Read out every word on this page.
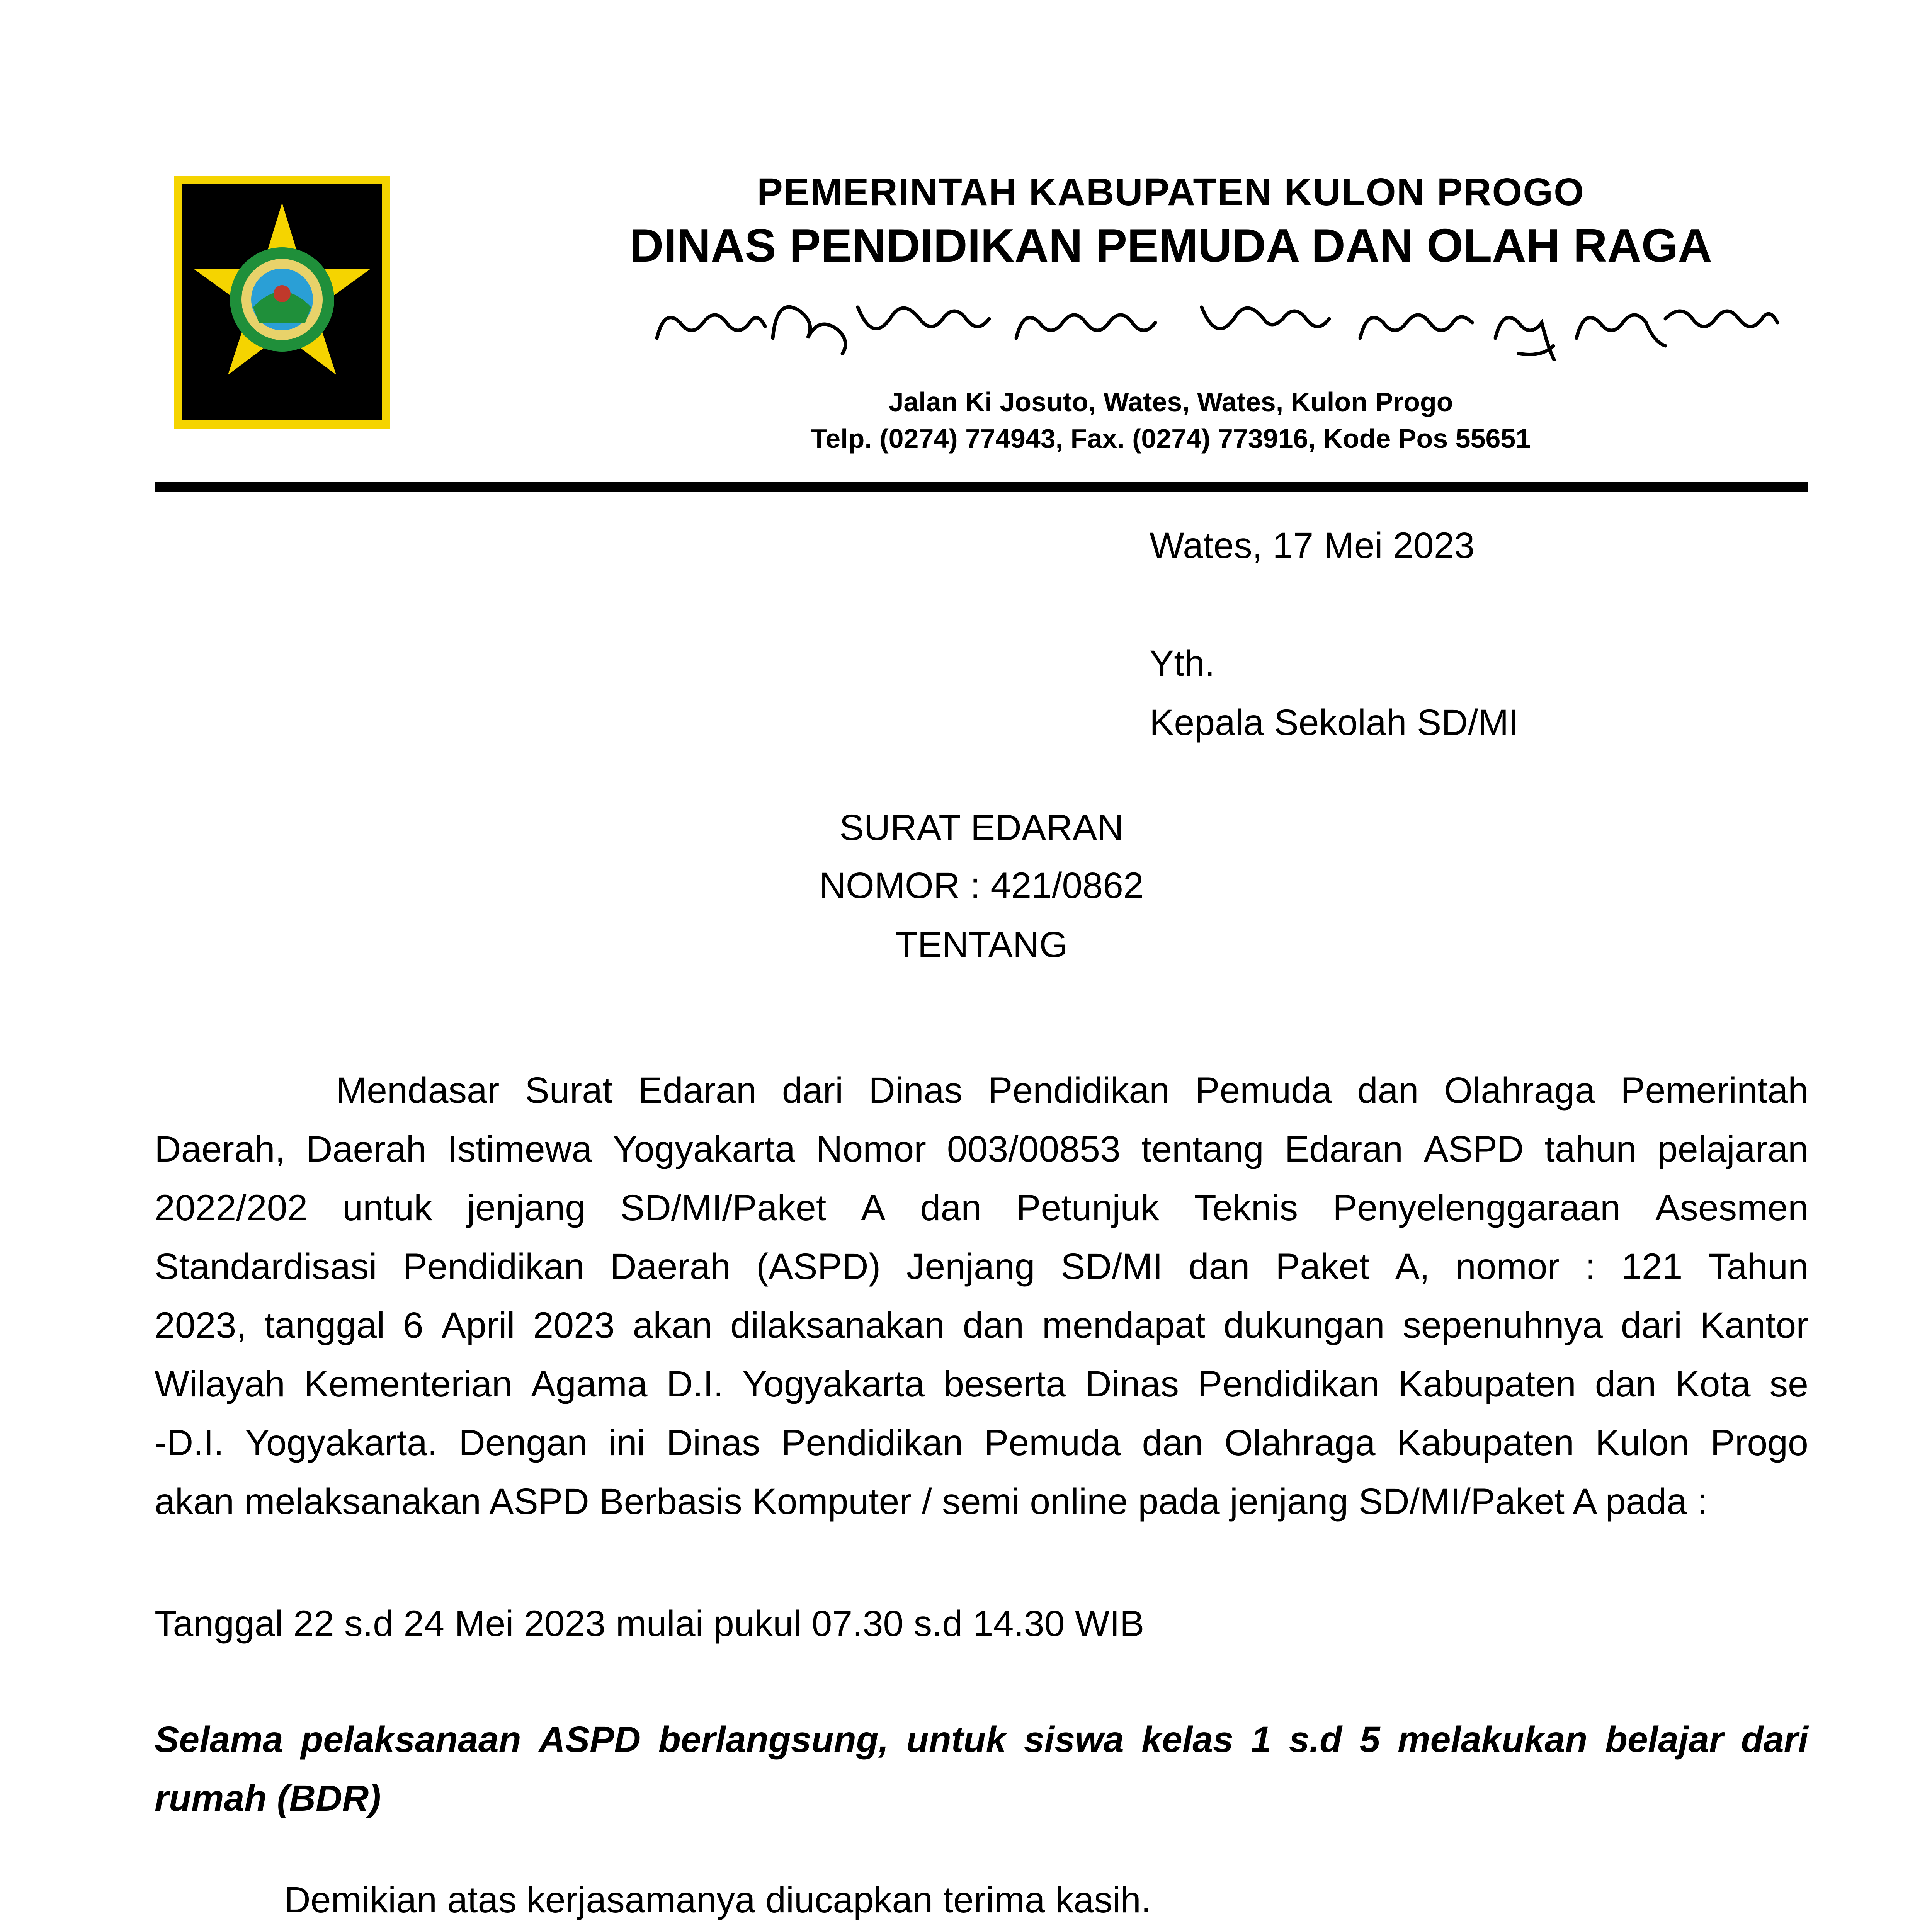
PEMERINTAH KABUPATEN KULON PROGO
DINAS PENDIDIKAN PEMUDA DAN OLAH RAGA
Jalan Ki Josuto, Wates, Wates, Kulon Progo
Telp. (0274) 774943, Fax. (0274) 773916, Kode Pos 55651
Wates, 17 Mei 2023
Yth.
Kepala Sekolah SD/MI
SURAT EDARAN
NOMOR : 421/0862
TENTANG
Mendasar Surat Edaran dari Dinas Pendidikan Pemuda dan Olahraga Pemerintah
Daerah, Daerah Istimewa Yogyakarta Nomor 003/00853 tentang Edaran ASPD tahun pelajaran
2022/202 untuk jenjang SD/MI/Paket A dan Petunjuk Teknis Penyelenggaraan Asesmen
Standardisasi Pendidikan Daerah (ASPD) Jenjang SD/MI dan Paket A, nomor : 121 Tahun
2023, tanggal 6 April 2023 akan dilaksanakan dan mendapat dukungan sepenuhnya dari Kantor
Wilayah Kementerian Agama D.I. Yogyakarta beserta Dinas Pendidikan Kabupaten dan Kota se
-D.I. Yogyakarta. Dengan ini Dinas Pendidikan Pemuda dan Olahraga Kabupaten Kulon Progo
akan melaksanakan ASPD Berbasis Komputer / semi online pada jenjang SD/MI/Paket A pada :
Tanggal 22 s.d 24 Mei 2023 mulai pukul 07.30 s.d 14.30 WIB
Selama pelaksanaan ASPD berlangsung, untuk siswa kelas 1 s.d 5 melakukan belajar dari
rumah (BDR)
Demikian atas kerjasamanya diucapkan terima kasih.
